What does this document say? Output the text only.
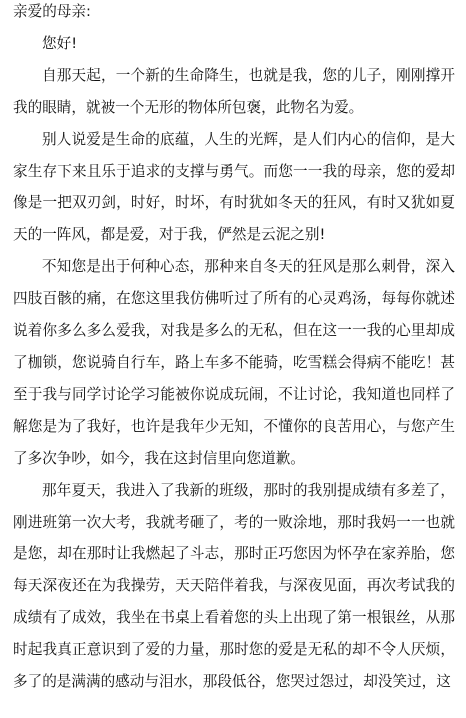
亲爱的母亲:

您好!

自那天起，一个新的生命降生，也就是我，您的儿子，刚刚撑开我的眼睛，就被一个无形的物体所包褒，此物名为爱。

别人说爱是生命的底蕴，人生的光辉，是人们内心的信仰，是大家生存下来且乐于追求的支撑与勇气。而您一一我的母亲，您的爱却像是一把双刃剑，时好，时坏，有时犹如冬天的狂风，有时又犹如夏天的一阵风，都是爱，对于我，俨然是云泥之别!

不知您是出于何种心态，那种来自冬天的狂风是那么刺骨，深入四肢百骸的痛，在您这里我仿佛听过了所有的心灵鸡汤，每每你就述说着你多么多么爱我，对我是多么的无私，但在这一一我的心里却成了枷锁，您说骑自行车，路上车多不能骑，吃雪糕会得病不能吃！甚至于我与同学讨论学习能被你说成玩闹，不让讨论，我知道也同样了解您是为了我好，也许是我年少无知，不懂你的良苦用心，与您产生了多次争吵，如今，我在这封信里向您道歉。

那年夏天，我进入了我新的班级，那时的我别提成绩有多差了，刚进班第一次大考，我就考砸了，考的一败涂地，那时我妈一一也就是您，却在那时让我燃起了斗志，那时正巧您因为怀孕在家养胎，您每天深夜还在为我操劳，天天陪伴着我，与深夜见面，再次考试我的成绩有了成效，我坐在书桌上看着您的头上出现了第一根银丝，从那时起我真正意识到了爱的力量，那时您的爱是无私的却不令人厌烦，多了的是满满的感动与泪水，那段低谷，您哭过怨过，却没笑过，这
